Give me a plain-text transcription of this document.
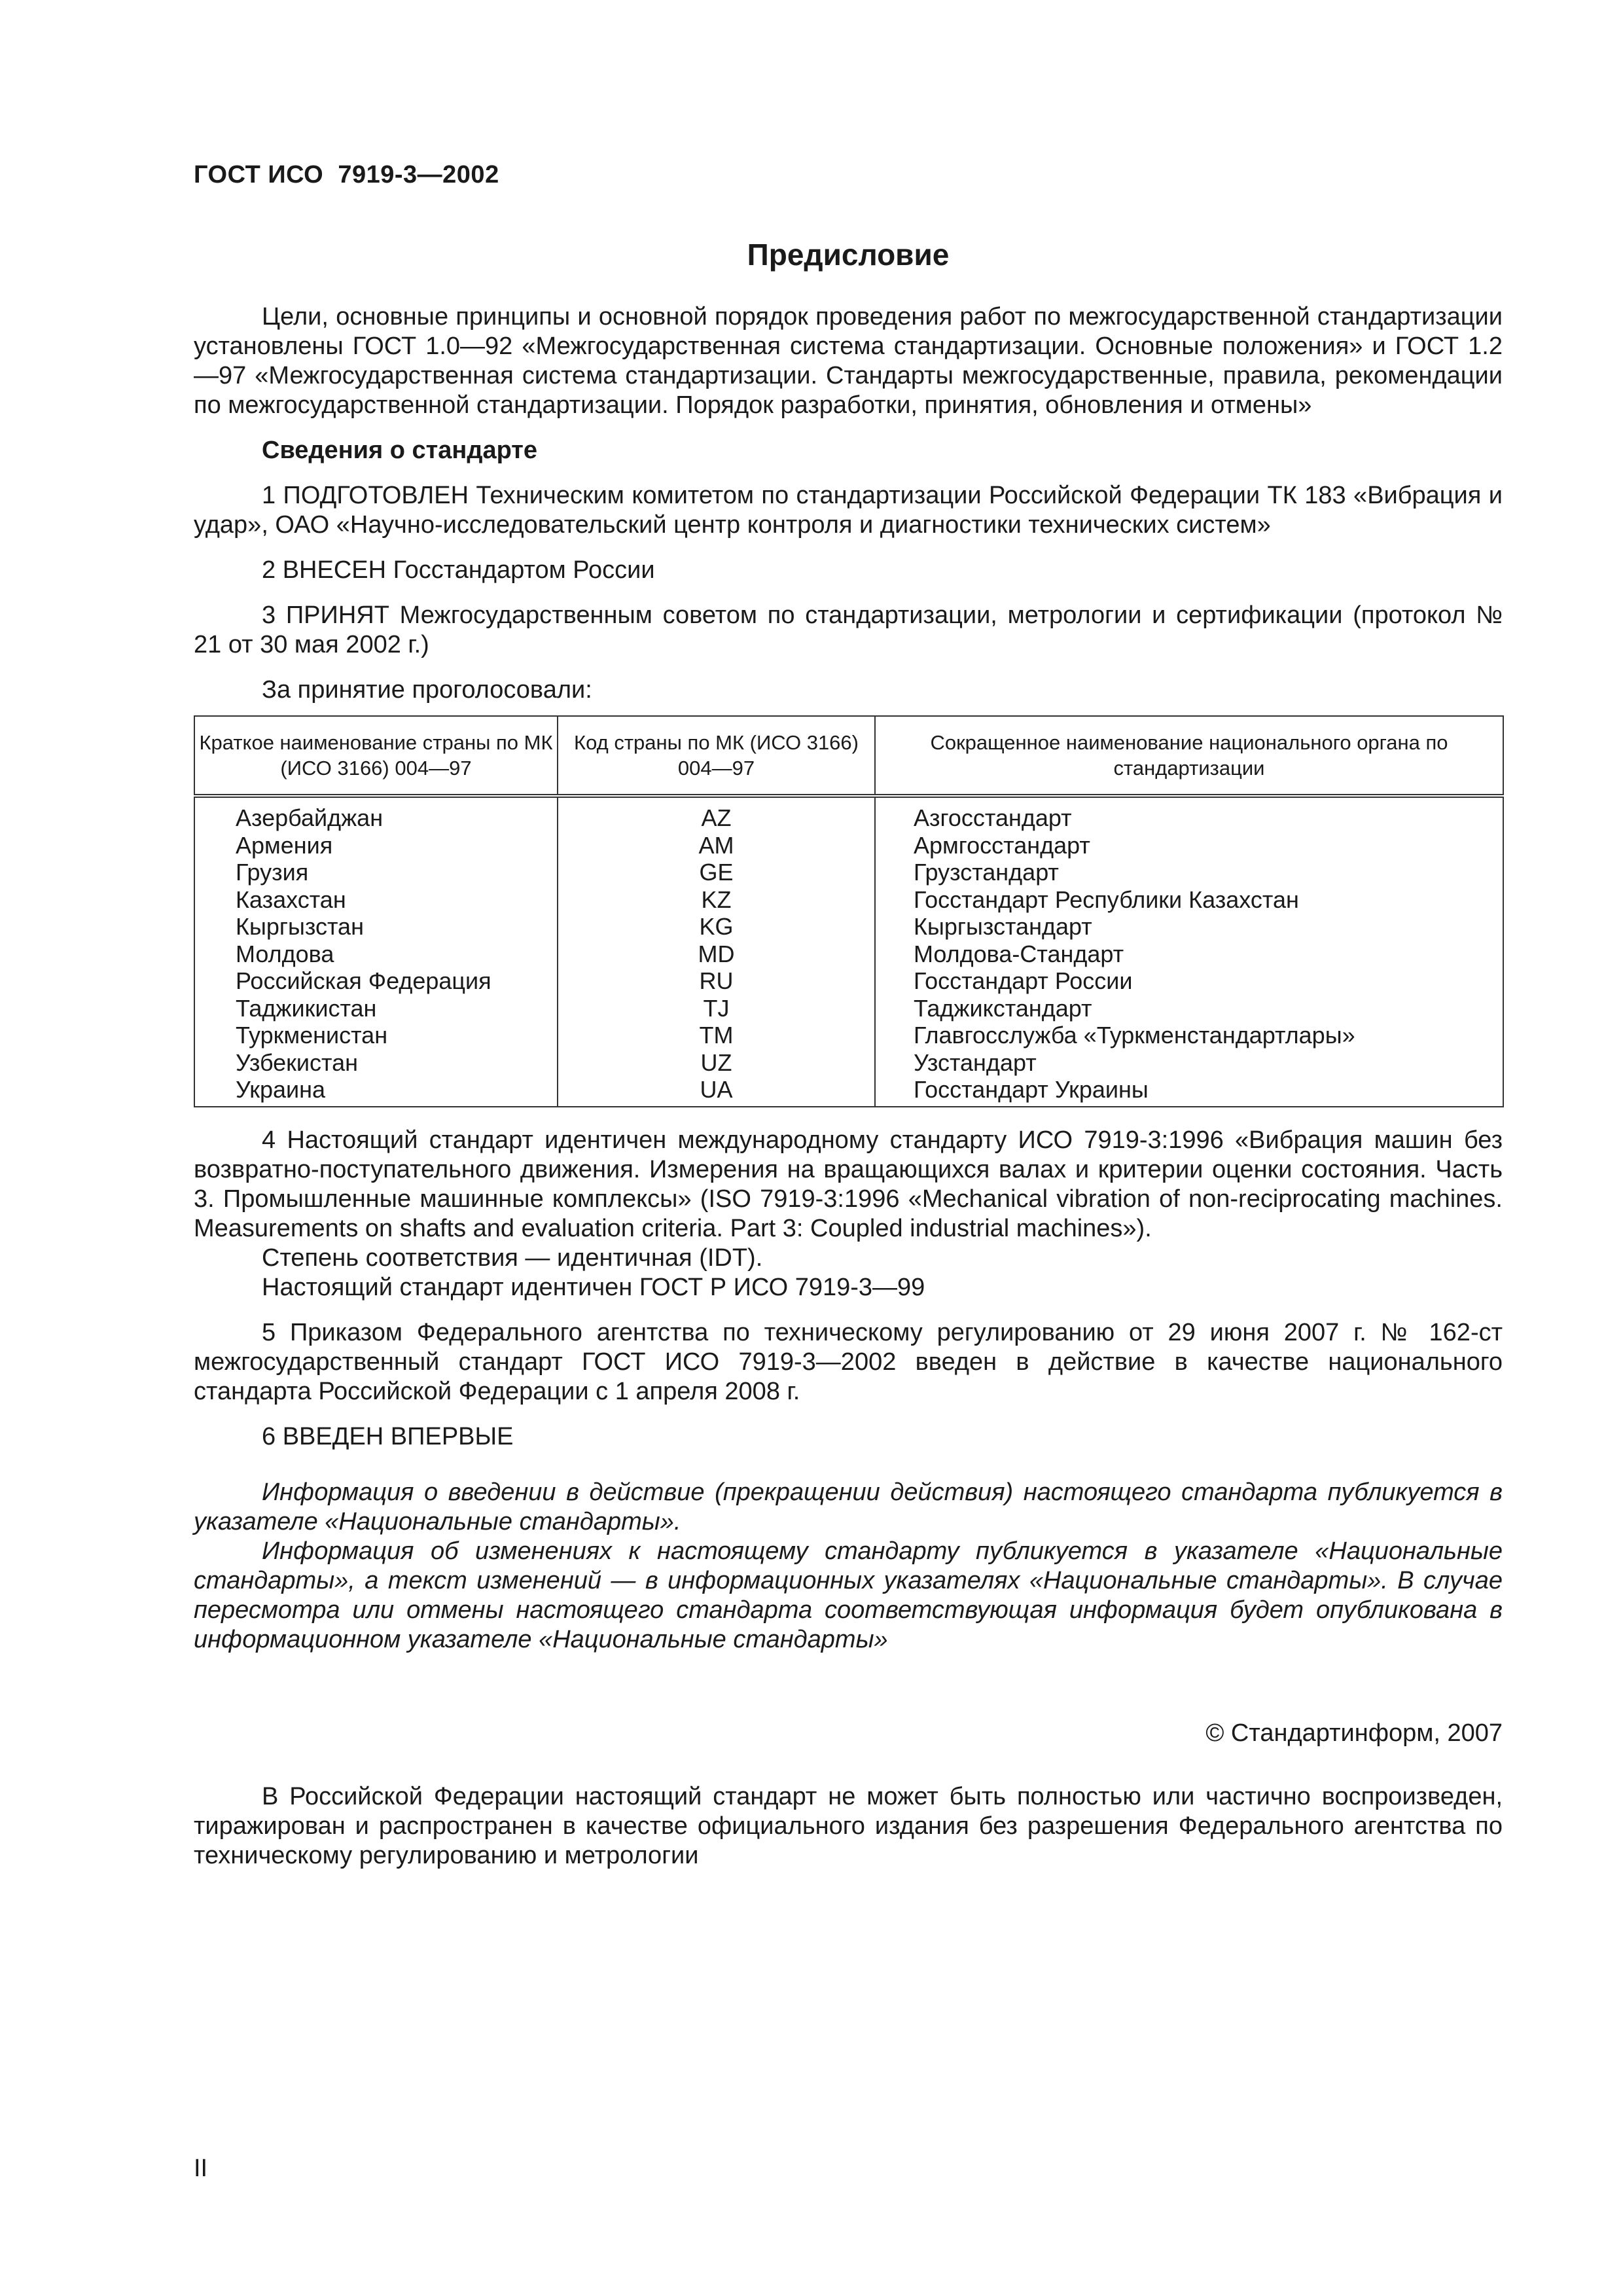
ГОСТ ИСО  7919-3—2002
Предисловие

Цели, основные принципы и основной порядок проведения работ по межгосударственной стандартизации установлены ГОСТ 1.0—92 «Межгосударственная система стандартизации. Основные положения» и ГОСТ 1.2—97 «Межгосударственная система стандартизации. Стандарты межгосударственные, правила, рекомендации по межгосударственной стандартизации. Порядок разработки, принятия, обновления и отмены»

Сведения о стандарте

1 ПОДГОТОВЛЕН Техническим комитетом по стандартизации Российской Федерации ТК 183 «Вибрация и удар», ОАО «Научно-исследовательский центр контроля и диагностики технических систем»

2 ВНЕСЕН Госстандартом России

3 ПРИНЯТ Межгосударственным советом по стандартизации, метрологии и сертификации (протокол № 21 от 30 мая 2002 г.)

За принятие проголосовали:

Краткое наименование страны по МК (ИСО 3166) 004—97	Код страны по МК (ИСО 3166) 004—97	Сокращенное наименование национального органа по стандартизации
Азербайджан	AZ	Азгосстандарт
Армения	AM	Армгосстандарт
Грузия	GE	Грузстандарт
Казахстан	KZ	Госстандарт Республики Казахстан
Кыргызстан	KG	Кыргызстандарт
Молдова	MD	Молдова-Стандарт
Российская Федерация	RU	Госстандарт России
Таджикистан	TJ	Таджикстандарт
Туркменистан	TM	Главгосслужба «Туркменстандартлары»
Узбекистан	UZ	Узстандарт
Украина	UA	Госстандарт Украины

4 Настоящий стандарт идентичен международному стандарту ИСО 7919-3:1996 «Вибрация машин без возвратно-поступательного движения. Измерения на вращающихся валах и критерии оценки состояния. Часть 3. Промышленные машинные комплексы» (ISO 7919-3:1996 «Mechanical vibration of non-reciprocating machines. Measurements on shafts and evaluation criteria. Part 3: Coupled industrial machines»).

Степень соответствия — идентичная (IDT).

Настоящий стандарт идентичен ГОСТ Р ИСО 7919-3—99

5 Приказом Федерального агентства по техническому регулированию от 29 июня 2007 г. № 162-ст межгосударственный стандарт ГОСТ ИСО 7919-3—2002 введен в действие в качестве национального стандарта Российской Федерации с 1 апреля 2008 г.

6 ВВЕДЕН ВПЕРВЫЕ

Информация о введении в действие (прекращении действия) настоящего стандарта публикуется в указателе «Национальные стандарты».

Информация об изменениях к настоящему стандарту публикуется в указателе «Национальные стандарты», а текст изменений — в информационных указателях «Национальные стандарты». В случае пересмотра или отмены настоящего стандарта соответствующая информация будет опубликована в информационном указателе «Национальные стандарты»

© Стандартинформ, 2007

В Российской Федерации настоящий стандарт не может быть полностью или частично воспроизведен, тиражирован и распространен в качестве официального издания без разрешения Федерального агентства по техническому регулированию и метрологии

II
